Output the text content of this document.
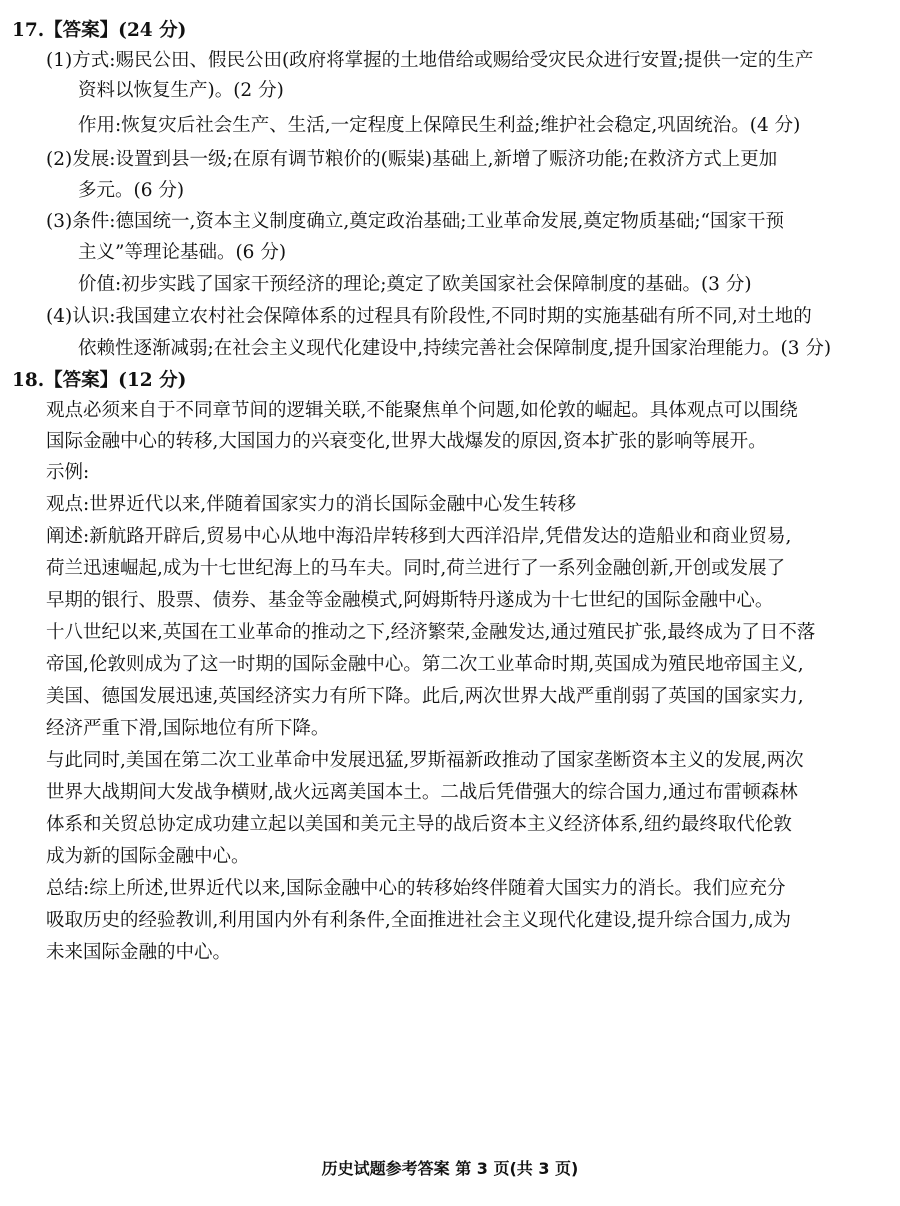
17.【答案】(24 分)
(1)方式:赐民公田、假民公田(政府将掌握的土地借给或赐给受灾民众进行安置;提供一定的生产
资料以恢复生产)。(2 分)
作用:恢复灾后社会生产、生活,一定程度上保障民生利益;维护社会稳定,巩固统治。(4 分)
(2)发展:设置到县一级;在原有调节粮价的(赈粜)基础上,新增了赈济功能;在救济方式上更加
多元。(6 分)
(3)条件:德国统一,资本主义制度确立,奠定政治基础;工业革命发展,奠定物质基础;“国家干预
主义”等理论基础。(6 分)
价值:初步实践了国家干预经济的理论;奠定了欧美国家社会保障制度的基础。(3 分)
(4)认识:我国建立农村社会保障体系的过程具有阶段性,不同时期的实施基础有所不同,对土地的
依赖性逐渐减弱;在社会主义现代化建设中,持续完善社会保障制度,提升国家治理能力。(3 分)
18.【答案】(12 分)
观点必须来自于不同章节间的逻辑关联,不能聚焦单个问题,如伦敦的崛起。具体观点可以围绕
国际金融中心的转移,大国国力的兴衰变化,世界大战爆发的原因,资本扩张的影响等展开。
示例:
观点:世界近代以来,伴随着国家实力的消长国际金融中心发生转移
阐述:新航路开辟后,贸易中心从地中海沿岸转移到大西洋沿岸,凭借发达的造船业和商业贸易,
荷兰迅速崛起,成为十七世纪海上的马车夫。同时,荷兰进行了一系列金融创新,开创或发展了
早期的银行、股票、债券、基金等金融模式,阿姆斯特丹遂成为十七世纪的国际金融中心。
十八世纪以来,英国在工业革命的推动之下,经济繁荣,金融发达,通过殖民扩张,最终成为了日不落
帝国,伦敦则成为了这一时期的国际金融中心。第二次工业革命时期,英国成为殖民地帝国主义,
美国、德国发展迅速,英国经济实力有所下降。此后,两次世界大战严重削弱了英国的国家实力,
经济严重下滑,国际地位有所下降。
与此同时,美国在第二次工业革命中发展迅猛,罗斯福新政推动了国家垄断资本主义的发展,两次
世界大战期间大发战争横财,战火远离美国本土。二战后凭借强大的综合国力,通过布雷顿森林
体系和关贸总协定成功建立起以美国和美元主导的战后资本主义经济体系,纽约最终取代伦敦
成为新的国际金融中心。
总结:综上所述,世界近代以来,国际金融中心的转移始终伴随着大国实力的消长。我们应充分
吸取历史的经验教训,利用国内外有利条件,全面推进社会主义现代化建设,提升综合国力,成为
未来国际金融的中心。
历史试题参考答案 第 3 页(共 3 页)
